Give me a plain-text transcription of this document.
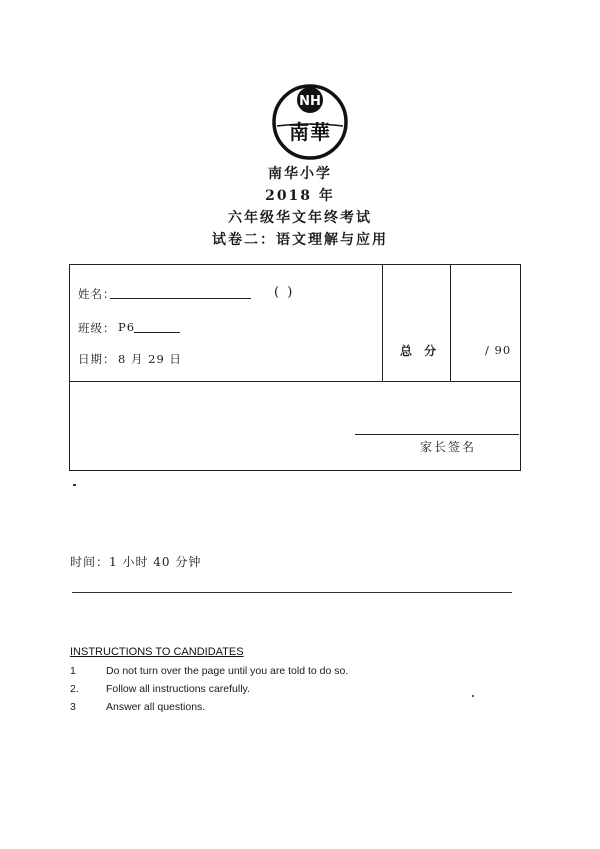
NH
南華
南华小学
2018 年
六年级华文年终考试
试卷二：语文理解与应用
姓名：	( )
班级： P6
日期： 8 月 29 日
总 分	/ 90
家长签名
时间：1 小时 40 分钟
INSTRUCTIONS TO CANDIDATES
1	Do not turn over the page until you are told to do so.
2.	Follow all instructions carefully.
3	Answer all questions.
